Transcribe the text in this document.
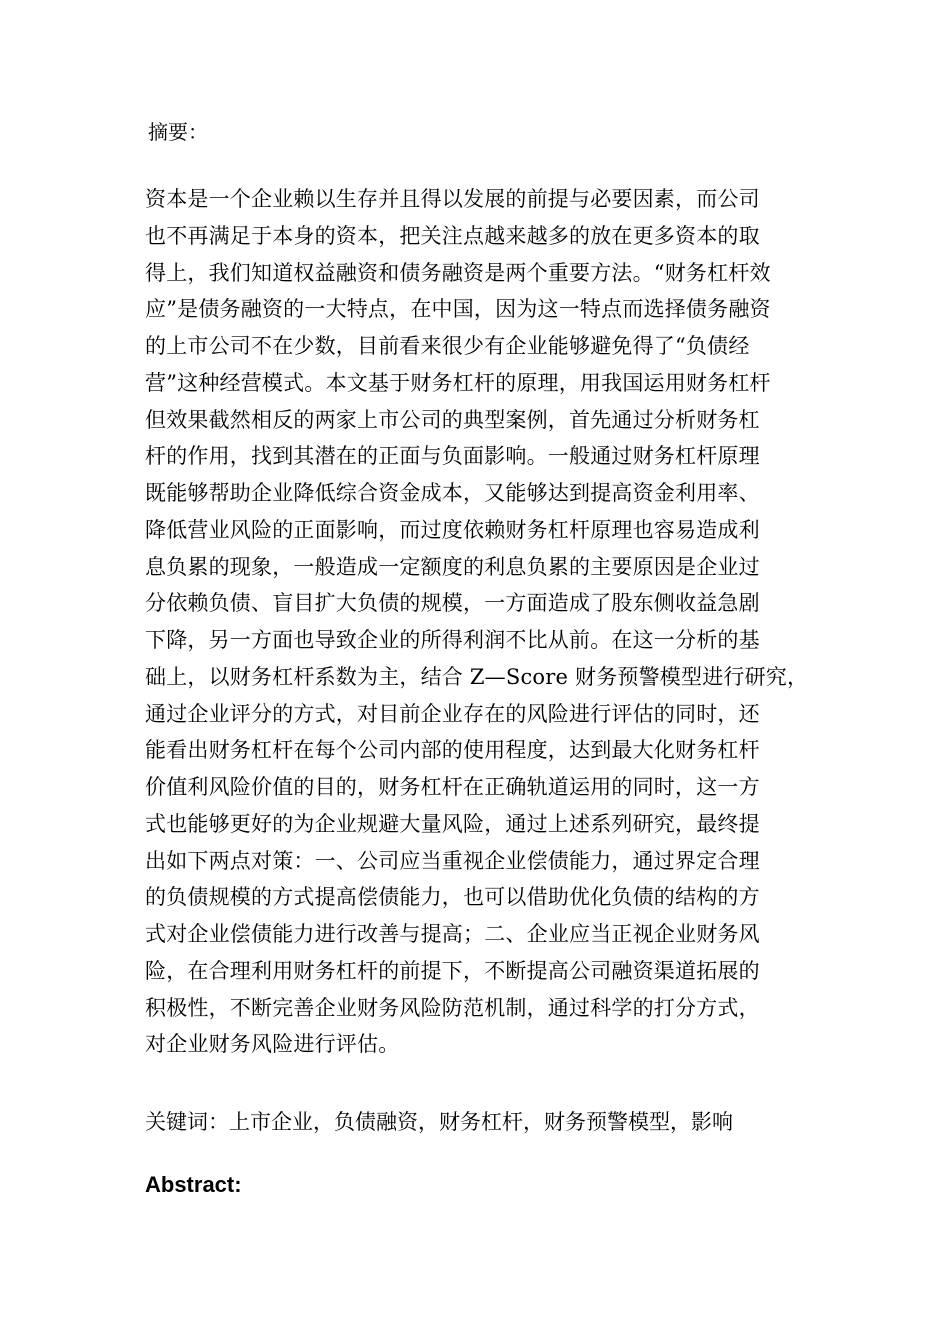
摘要：
资本是一个企业赖以生存并且得以发展的前提与必要因素，而公司
也不再满足于本身的资本，把关注点越来越多的放在更多资本的取
得上，我们知道权益融资和债务融资是两个重要方法。“财务杠杆效
应”是债务融资的一大特点，在中国，因为这一特点而选择债务融资
的上市公司不在少数，目前看来很少有企业能够避免得了“负债经
营”这种经营模式。本文基于财务杠杆的原理，用我国运用财务杠杆
但效果截然相反的两家上市公司的典型案例，首先通过分析财务杠
杆的作用，找到其潜在的正面与负面影响。一般通过财务杠杆原理
既能够帮助企业降低综合资金成本，又能够达到提高资金利用率、
降低营业风险的正面影响，而过度依赖财务杠杆原理也容易造成利
息负累的现象，一般造成一定额度的利息负累的主要原因是企业过
分依赖负债、盲目扩大负债的规模，一方面造成了股东侧收益急剧
下降，另一方面也导致企业的所得利润不比从前。在这一分析的基
础上，以财务杠杆系数为主，结合 Z—Score 财务预警模型进行研究，
通过企业评分的方式，对目前企业存在的风险进行评估的同时，还
能看出财务杠杆在每个公司内部的使用程度，达到最大化财务杠杆
价值利风险价值的目的，财务杠杆在正确轨道运用的同时，这一方
式也能够更好的为企业规避大量风险，通过上述系列研究，最终提
出如下两点对策：一、公司应当重视企业偿债能力，通过界定合理
的负债规模的方式提高偿债能力，也可以借助优化负债的结构的方
式对企业偿债能力进行改善与提高；二、企业应当正视企业财务风
险，在合理利用财务杠杆的前提下，不断提高公司融资渠道拓展的
积极性，不断完善企业财务风险防范机制，通过科学的打分方式，
对企业财务风险进行评估。
关键词：上市企业，负债融资，财务杠杆，财务预警模型，影响
Abstract:
